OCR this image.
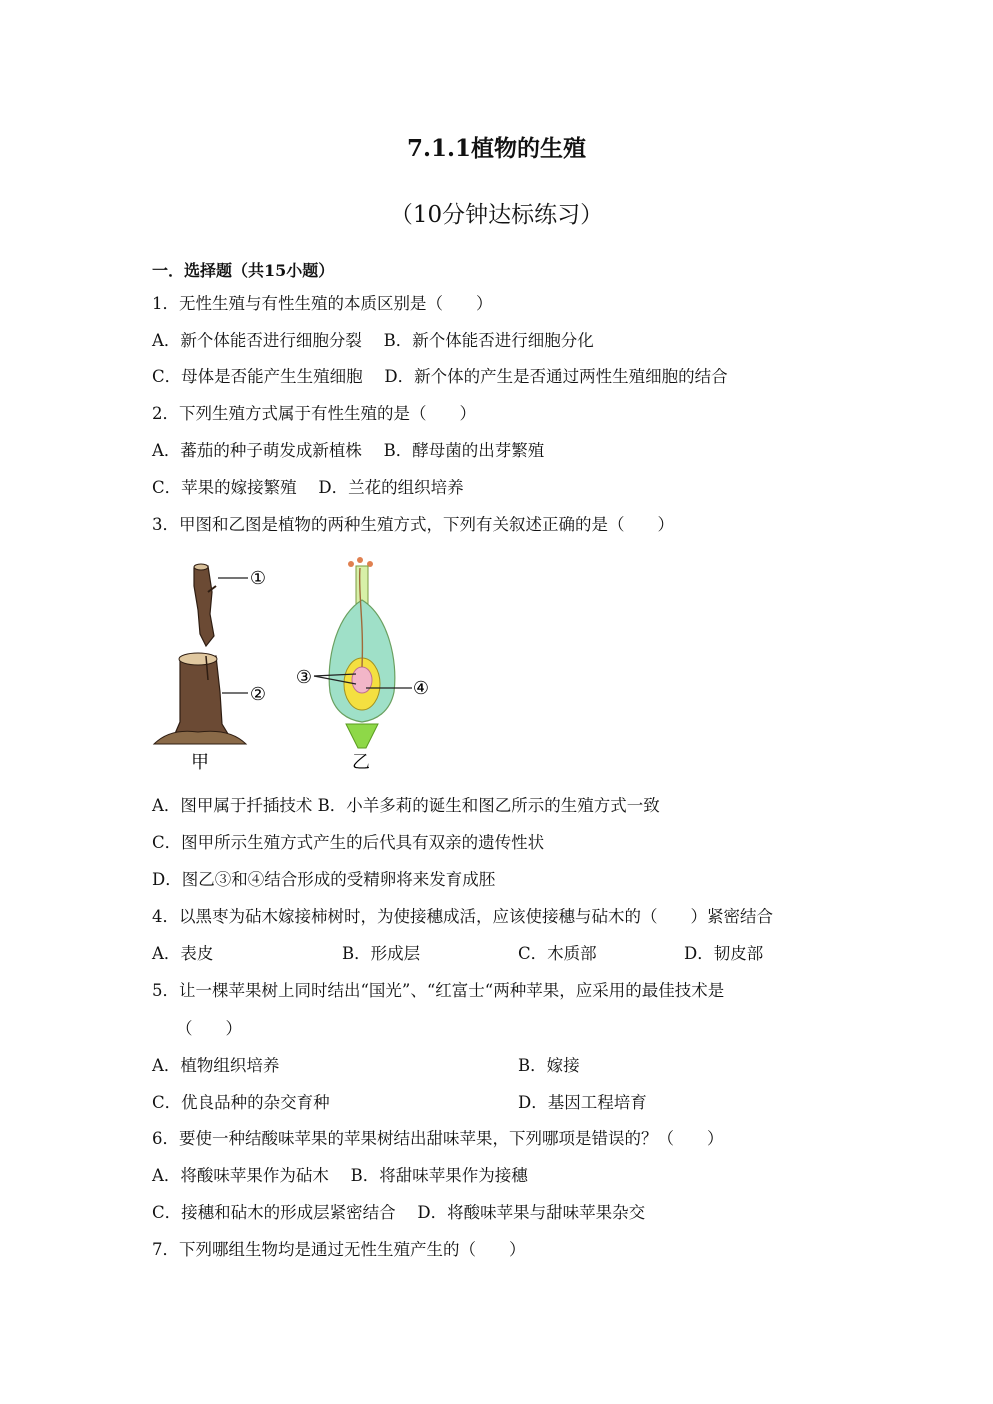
7.1.1植物的生殖
（10分钟达标练习）
一．选择题（共15小题）
1．无性生殖与有性生殖的本质区别是（　　）
A．新个体能否进行细胞分裂　 B．新个体能否进行细胞分化
C．母体是否能产生生殖细胞　 D．新个体的产生是否通过两性生殖细胞的结合
2．下列生殖方式属于有性生殖的是（　　）
A．蕃茄的种子萌发成新植株　 B．酵母菌的出芽繁殖
C．苹果的嫁接繁殖　 D．兰花的组织培养
3．甲图和乙图是植物的两种生殖方式，下列有关叙述正确的是（　　）
①
②
甲
③
④
乙
A．图甲属于扦插技术 B．小羊多莉的诞生和图乙所示的生殖方式一致
C．图甲所示生殖方式产生的后代具有双亲的遗传性状
D．图乙③和④结合形成的受精卵将来发育成胚
4．以黑枣为砧木嫁接柿树时，为使接穗成活，应该使接穗与砧木的（　　）紧密结合
A．表皮	B．形成层	C．木质部	D．韧皮部
5．让一棵苹果树上同时结出“国光”、“红富士“两种苹果，应采用的最佳技术是
（　　）
A．植物组织培养	B．嫁接
C．优良品种的杂交育种	D．基因工程培育
6．要使一种结酸味苹果的苹果树结出甜味苹果，下列哪项是错误的？（　　）
A．将酸味苹果作为砧木　 B．将甜味苹果作为接穗
C．接穗和砧木的形成层紧密结合　 D．将酸味苹果与甜味苹果杂交
7．下列哪组生物均是通过无性生殖产生的（　　）
